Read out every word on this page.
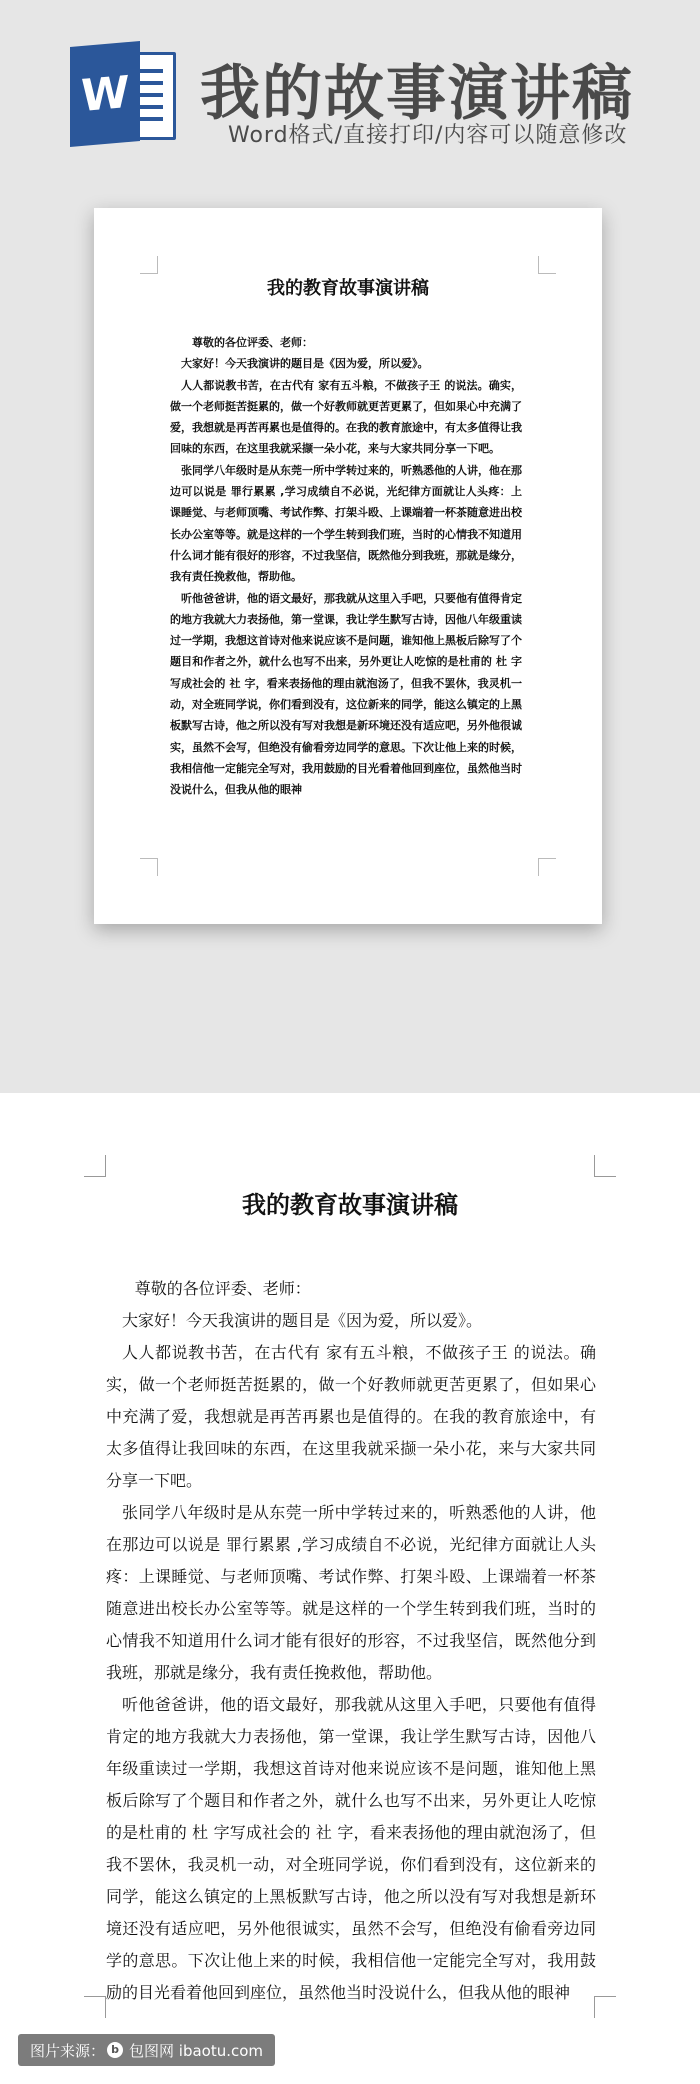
W 我的故事演讲稿
Word格式/直接打印/内容可以随意修改
我的教育故事演讲稿

尊敬的各位评委、老师：

大家好！今天我演讲的题目是《因为爱，所以爱》。

人人都说教书苦，在古代有 家有五斗粮，不做孩子王 的说法。确实，做一个老师挺苦挺累的，做一个好教师就更苦更累了，但如果心中充满了爱，我想就是再苦再累也是值得的。在我的教育旅途中，有太多值得让我回味的东西，在这里我就采撷一朵小花，来与大家共同分享一下吧。

张同学八年级时是从东莞一所中学转过来的，听熟悉他的人讲，他在那边可以说是 罪行累累 ,学习成绩自不必说，光纪律方面就让人头疼：上课睡觉、与老师顶嘴、考试作弊、打架斗殴、上课端着一杯茶随意进出校长办公室等等。就是这样的一个学生转到我们班，当时的心情我不知道用什么词才能有很好的形容，不过我坚信，既然他分到我班，那就是缘分，我有责任挽救他，帮助他。

听他爸爸讲，他的语文最好，那我就从这里入手吧，只要他有值得肯定的地方我就大力表扬他，第一堂课，我让学生默写古诗，因他八年级重读过一学期，我想这首诗对他来说应该不是问题，谁知他上黑板后除写了个题目和作者之外，就什么也写不出来，另外更让人吃惊的是杜甫的 杜 字写成社会的 社 字，看来表扬他的理由就泡汤了，但我不罢休，我灵机一动，对全班同学说，你们看到没有，这位新来的同学，能这么镇定的上黑板默写古诗，他之所以没有写对我想是新环境还没有适应吧，另外他很诚实，虽然不会写，但绝没有偷看旁边同学的意思。下次让他上来的时候，我相信他一定能完全写对，我用鼓励的目光看着他回到座位，虽然他当时没说什么，但我从他的眼神

我的教育故事演讲稿

尊敬的各位评委、老师：

大家好！今天我演讲的题目是《因为爱，所以爱》。

人人都说教书苦，在古代有 家有五斗粮，不做孩子王 的说法。确实，做一个老师挺苦挺累的，做一个好教师就更苦更累了，但如果心中充满了爱，我想就是再苦再累也是值得的。在我的教育旅途中，有太多值得让我回味的东西，在这里我就采撷一朵小花，来与大家共同分享一下吧。

张同学八年级时是从东莞一所中学转过来的，听熟悉他的人讲，他在那边可以说是 罪行累累 ,学习成绩自不必说，光纪律方面就让人头疼：上课睡觉、与老师顶嘴、考试作弊、打架斗殴、上课端着一杯茶随意进出校长办公室等等。就是这样的一个学生转到我们班，当时的心情我不知道用什么词才能有很好的形容，不过我坚信，既然他分到我班，那就是缘分，我有责任挽救他，帮助他。

听他爸爸讲，他的语文最好，那我就从这里入手吧，只要他有值得肯定的地方我就大力表扬他，第一堂课，我让学生默写古诗，因他八年级重读过一学期，我想这首诗对他来说应该不是问题，谁知他上黑板后除写了个题目和作者之外，就什么也写不出来，另外更让人吃惊的是杜甫的 杜 字写成社会的 社 字，看来表扬他的理由就泡汤了，但我不罢休，我灵机一动，对全班同学说，你们看到没有，这位新来的同学，能这么镇定的上黑板默写古诗，他之所以没有写对我想是新环境还没有适应吧，另外他很诚实，虽然不会写，但绝没有偷看旁边同学的意思。下次让他上来的时候，我相信他一定能完全写对，我用鼓励的目光看着他回到座位，虽然他当时没说什么，但我从他的眼神

图片来源： b 包图网 ibaotu.com
